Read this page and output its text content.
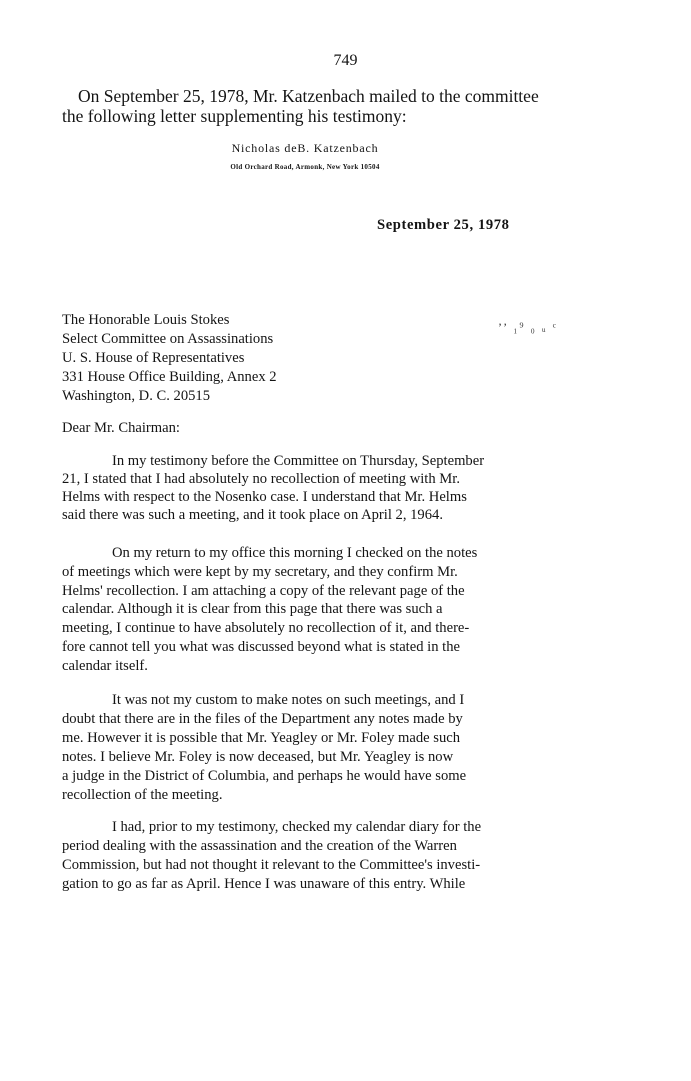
749
On September 25, 1978, Mr. Katzenbach mailed to the committee
the following letter supplementing his testimony:
Nicholas deB. Katzenbach
Old Orchard Road, Armonk, New York 10504
September 25, 1978
The Honorable Louis Stokes
Select Committee on Assassinations
U. S. House of Representatives
331 House Office Building, Annex 2
Washington, D. C. 20515
’’ ₁⁹ ₀ ᵤ ᶜ
Dear Mr. Chairman:
In my testimony before the Committee on Thursday, September
21, I stated that I had absolutely no recollection of meeting with Mr.
Helms with respect to the Nosenko case. I understand that Mr. Helms
said there was such a meeting, and it took place on April 2, 1964.
On my return to my office this morning I checked on the notes
of meetings which were kept by my secretary, and they confirm Mr.
Helms' recollection. I am attaching a copy of the relevant page of the
calendar. Although it is clear from this page that there was such a
meeting, I continue to have absolutely no recollection of it, and there-
fore cannot tell you what was discussed beyond what is stated in the
calendar itself.
It was not my custom to make notes on such meetings, and I
doubt that there are in the files of the Department any notes made by
me. However it is possible that Mr. Yeagley or Mr. Foley made such
notes. I believe Mr. Foley is now deceased, but Mr. Yeagley is now
a judge in the District of Columbia, and perhaps he would have some
recollection of the meeting.
I had, prior to my testimony, checked my calendar diary for the
period dealing with the assassination and the creation of the Warren
Commission, but had not thought it relevant to the Committee's investi-
gation to go as far as April. Hence I was unaware of this entry. While
